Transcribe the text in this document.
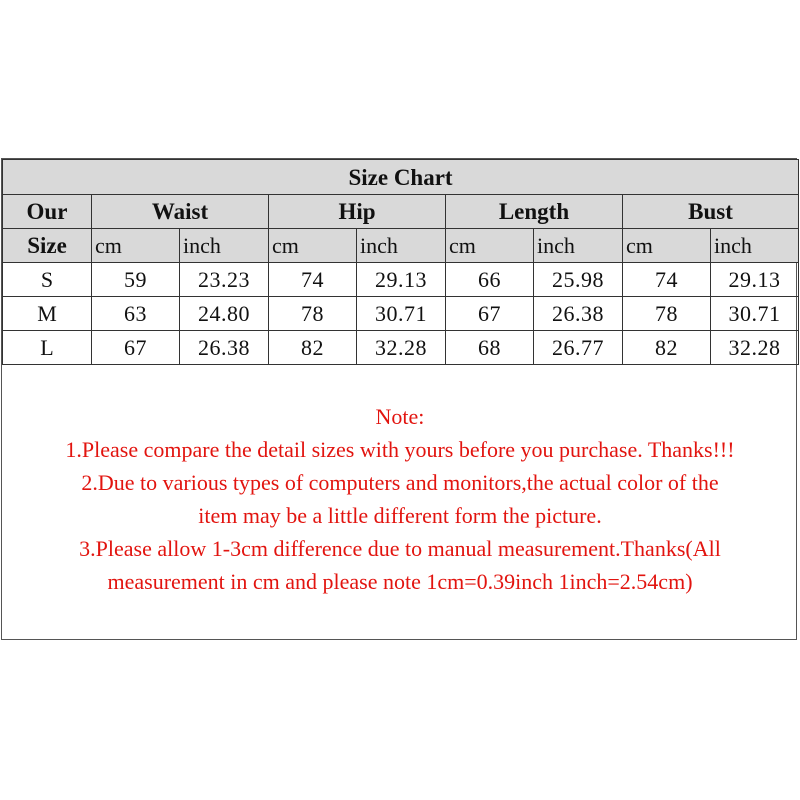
Size Chart								
Our	Waist		Hip		Length		Bust	
Size	cm	inch	cm	inch	cm	inch	cm	inch
S	59	23.23	74	29.13	66	25.98	74	29.13
M	63	24.80	78	30.71	67	26.38	78	30.71
L	67	26.38	82	32.28	68	26.77	82	32.28
Note:
1.Please compare the detail sizes with yours before you purchase. Thanks!!!
2.Due to various types of computers and monitors,the actual color of the
item may be a little different form the picture.
3.Please allow 1-3cm difference due to manual measurement.Thanks(All
measurement in cm and please note 1cm=0.39inch 1inch=2.54cm)
